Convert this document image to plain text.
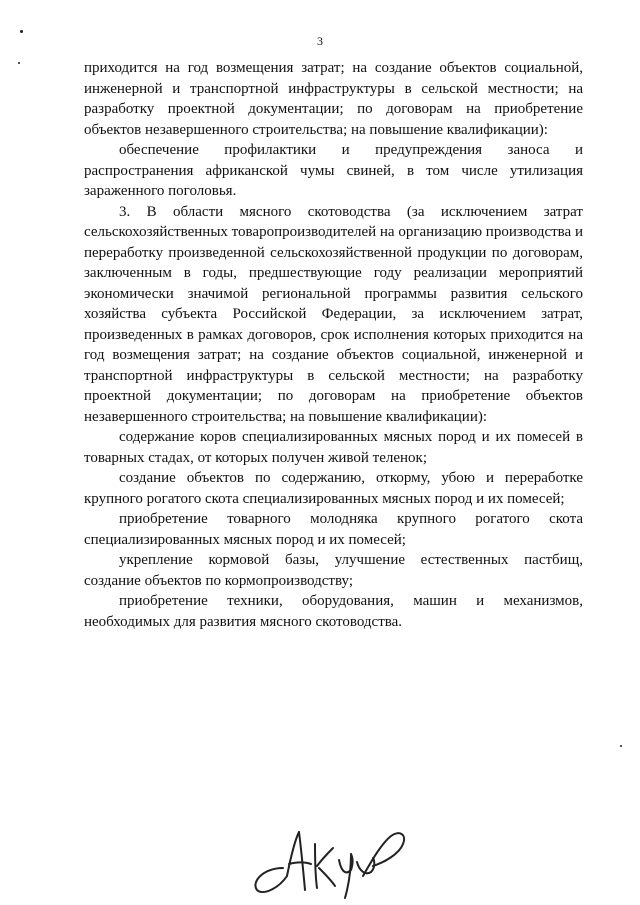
3

приходится на год возмещения затрат; на создание объектов социальной, инженерной и транспортной инфраструктуры в сельской местности; на разработку проектной документации; по договорам на приобретение объектов незавершенного строительства; на повышение квалификации):

обеспечение профилактики и предупреждения заноса и распространения африканской чумы свиней, в том числе утилизация зараженного поголовья.

3. В области мясного скотоводства (за исключением затрат сельскохозяйственных товаропроизводителей на организацию производства и переработку произведенной сельскохозяйственной продукции по договорам, заключенным в годы, предшествующие году реализации мероприятий экономически значимой региональной программы развития сельского хозяйства субъекта Российской Федерации, за исключением затрат, произведенных в рамках договоров, срок исполнения которых приходится на год возмещения затрат; на создание объектов социальной, инженерной и транспортной инфраструктуры в сельской местности; на разработку проектной документации; по договорам на приобретение объектов незавершенного строительства; на повышение квалификации):

содержание коров специализированных мясных пород и их помесей в товарных стадах, от которых получен живой теленок;

создание объектов по содержанию, откорму, убою и переработке крупного рогатого скота специализированных мясных пород и их помесей;

приобретение товарного молодняка крупного рогатого скота специализированных мясных пород и их помесей;

укрепление кормовой базы, улучшение естественных пастбищ, создание объектов по кормопроизводству;

приобретение техники, оборудования, машин и механизмов, необходимых для развития мясного скотоводства.
